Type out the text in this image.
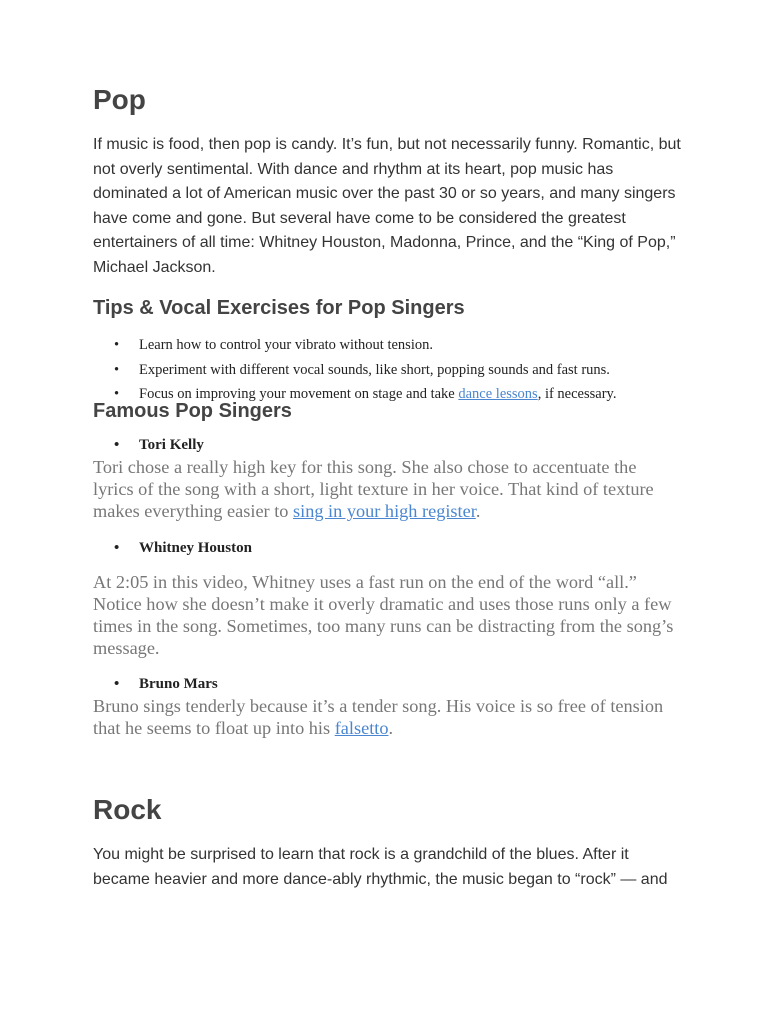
Pop

If music is food, then pop is candy. It’s fun, but not necessarily funny. Romantic, but not overly sentimental. With dance and rhythm at its heart, pop music has dominated a lot of American music over the past 30 or so years, and many singers have come and gone. But several have come to be considered the greatest entertainers of all time: Whitney Houston, Madonna, Prince, and the “King of Pop,” Michael Jackson.

Tips & Vocal Exercises for Pop Singers
• Learn how to control your vibrato without tension.
• Experiment with different vocal sounds, like short, popping sounds and fast runs.
• Focus on improving your movement on stage and take dance lessons, if necessary.
Famous Pop Singers
• Tori Kelly

Tori chose a really high key for this song. She also chose to accentuate the lyrics of the song with a short, light texture in her voice. That kind of texture makes everything easier to sing in your high register.

• Whitney Houston

At 2:05 in this video, Whitney uses a fast run on the end of the word “all.” Notice how she doesn’t make it overly dramatic and uses those runs only a few times in the song. Sometimes, too many runs can be distracting from the song’s message.

• Bruno Mars

Bruno sings tenderly because it’s a tender song. His voice is so free of tension that he seems to float up into his falsetto.

Rock

You might be surprised to learn that rock is a grandchild of the blues. After it became heavier and more dance-ably rhythmic, the music began to “rock” — and
